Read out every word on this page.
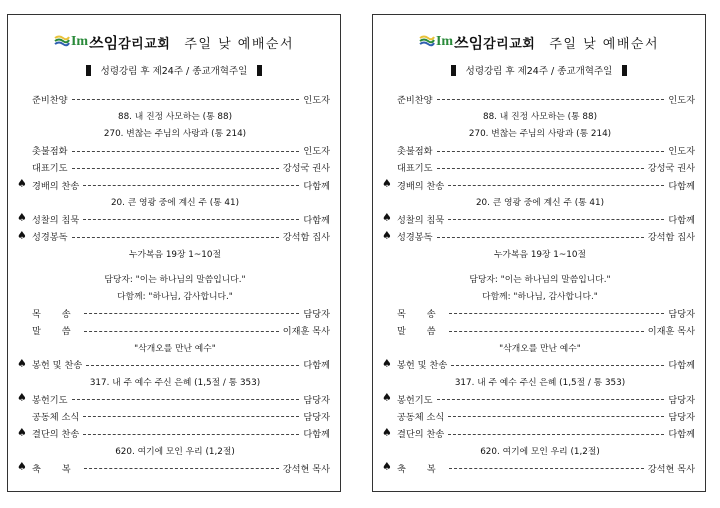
Im 쓰임 감리교회 주일 낮 예배순서
성령강림 후 제24주 / 종교개혁주일
준비찬양	인도자
88. 내 진정 사모하는 (통 88)
270. 변찮는 주님의 사랑과 (통 214)
촛불점화	인도자
대표기도	강성국 권사
♠ 경배의 찬송	다함께
20. 큰 영광 중에 계신 주 (통 41)
♠ 성찰의 침묵	다함께
♠ 성경봉독	강석함 집사
누가복음 19장 1~10절
담당자: "이는 하나님의 말씀입니다."
다함께: "하나님, 감사합니다."
목 송	담당자
말 씀	이재훈 목사
"삭개오를 만난 예수"
♠ 봉헌 및 찬송	다함께
317. 내 주 예수 주신 은혜 (1,5절 / 통 353)
♠ 봉헌기도	담당자
공동체 소식	담당자
♠ 결단의 찬송	다함께
620. 여기에 모인 우리 (1,2절)
♠ 축 복	강석현 목사
Im 쓰임 감리교회 주일 낮 예배순서
성령강림 후 제24주 / 종교개혁주일
준비찬양	인도자
88. 내 진정 사모하는 (통 88)
270. 변찮는 주님의 사랑과 (통 214)
촛불점화	인도자
대표기도	강성국 권사
♠ 경배의 찬송	다함께
20. 큰 영광 중에 계신 주 (통 41)
♠ 성찰의 침묵	다함께
♠ 성경봉독	강석함 집사
누가복음 19장 1~10절
담당자: "이는 하나님의 말씀입니다."
다함께: "하나님, 감사합니다."
목 송	담당자
말 씀	이재훈 목사
"삭개오를 만난 예수"
♠ 봉헌 및 찬송	다함께
317. 내 주 예수 주신 은혜 (1,5절 / 통 353)
♠ 봉헌기도	담당자
공동체 소식	담당자
♠ 결단의 찬송	다함께
620. 여기에 모인 우리 (1,2절)
♠ 축 복	강석현 목사
